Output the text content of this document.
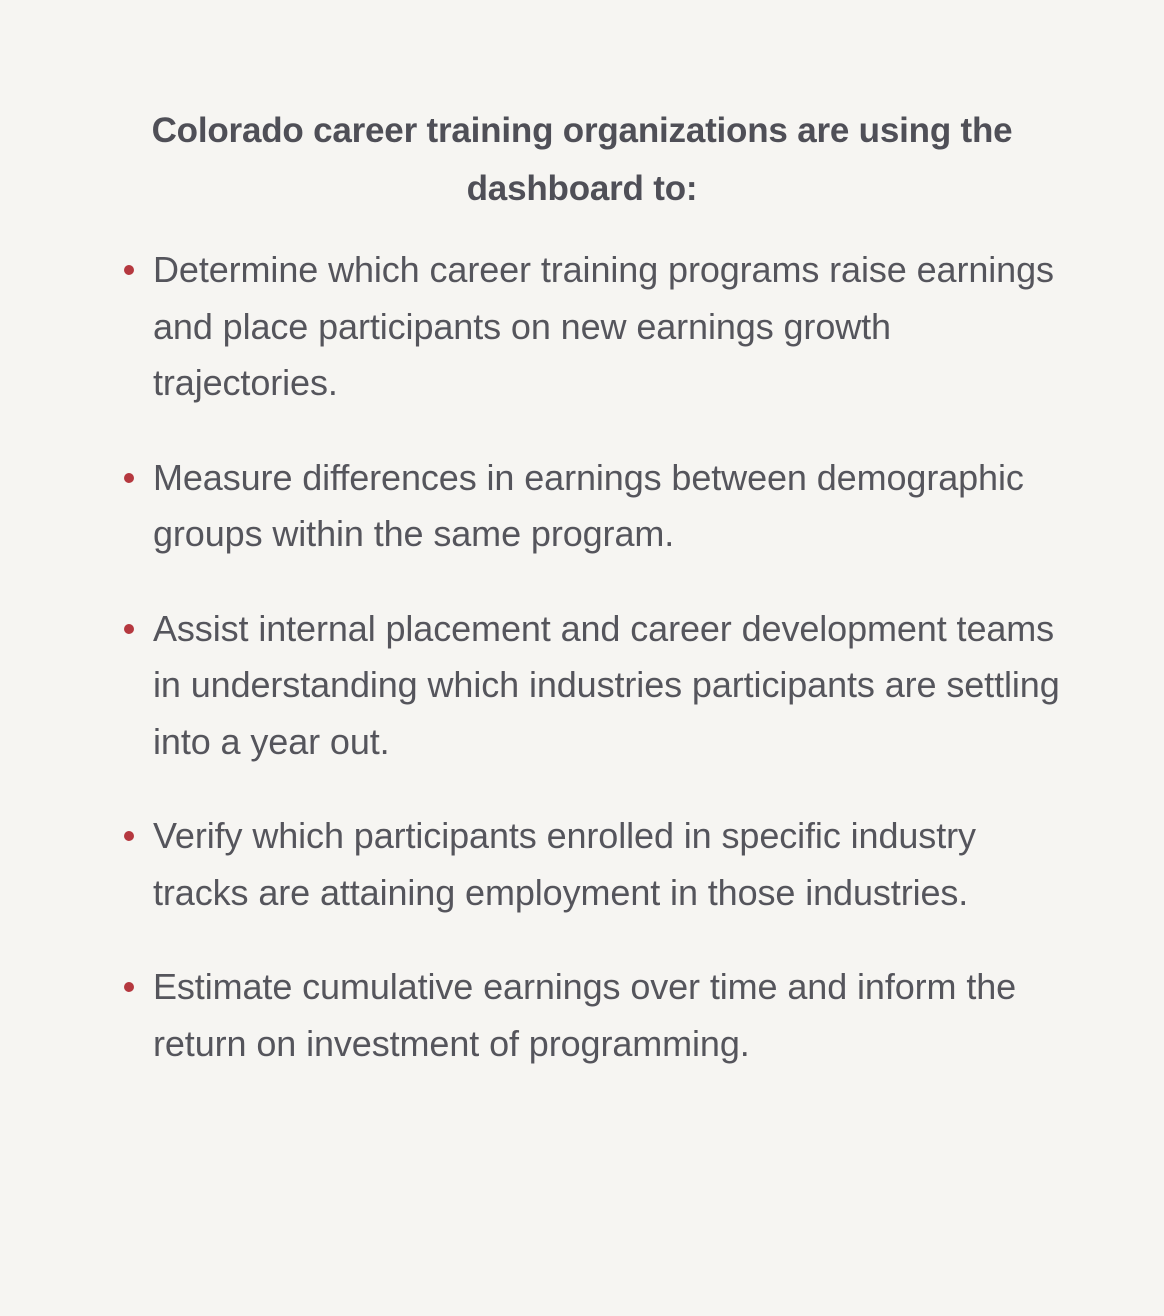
Colorado career training organizations are using the dashboard to:
Determine which career training programs raise earnings and place participants on new earnings growth trajectories.
Measure differences in earnings between demographic groups within the same program.
Assist internal placement and career development teams in understanding which industries participants are settling into a year out.
Verify which participants enrolled in specific industry tracks are attaining employment in those industries.
Estimate cumulative earnings over time and inform the return on investment of programming.
